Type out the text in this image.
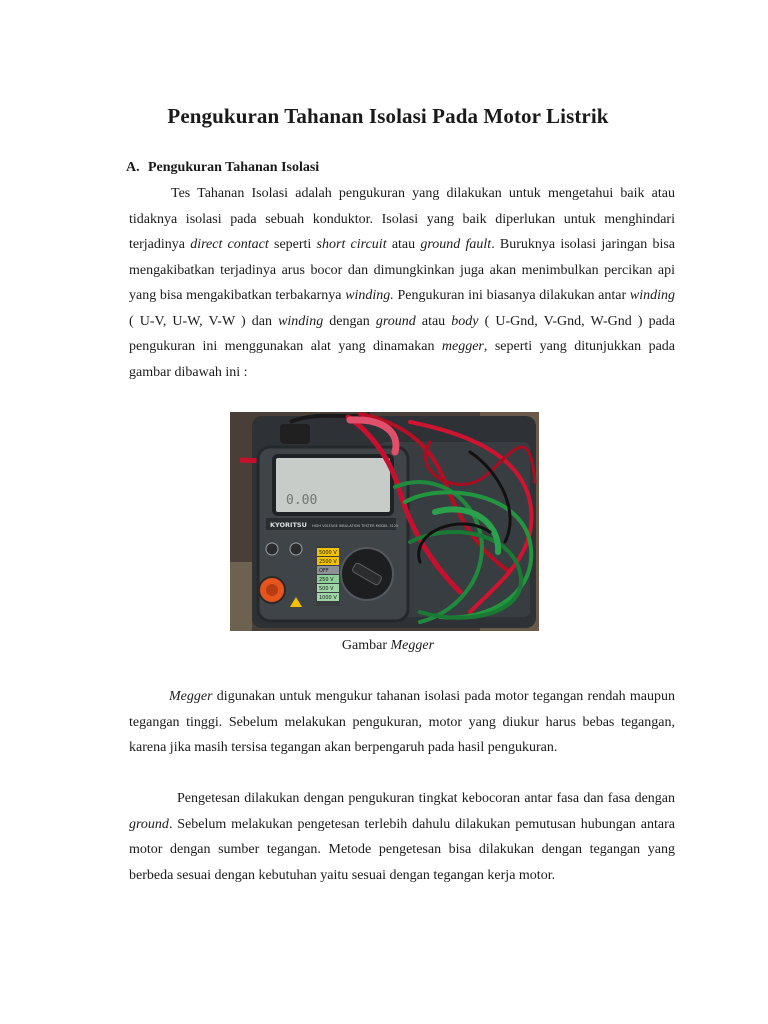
Pengukuran Tahanan Isolasi Pada Motor Listrik
A. Pengukuran Tahanan Isolasi

Tes Tahanan Isolasi adalah pengukuran yang dilakukan untuk mengetahui baik atau tidaknya isolasi pada sebuah konduktor. Isolasi yang baik diperlukan untuk menghindari terjadinya direct contact seperti short circuit atau ground fault. Buruknya isolasi jaringan bisa mengakibatkan terjadinya arus bocor dan dimungkinkan juga akan menimbulkan percikan api yang bisa mengakibatkan terbakarnya winding. Pengukuran ini biasanya dilakukan antar winding ( U-V, U-W, V-W ) dan winding dengan ground atau body ( U-Gnd, V-Gnd, W-Gnd ) pada pengukuran ini menggunakan alat yang dinamakan megger, seperti yang ditunjukkan pada gambar dibawah ini :

0.00
KYORITSU HIGH VOLTAGE INSULATION TESTER MODEL 3125
5000 V
2500 V
OFF
250 V
500 V
1000 V

Gambar Megger

Megger digunakan untuk mengukur tahanan isolasi pada motor tegangan rendah maupun tegangan tinggi. Sebelum melakukan pengukuran, motor yang diukur harus bebas tegangan, karena jika masih tersisa tegangan akan berpengaruh pada hasil pengukuran.

Pengetesan dilakukan dengan pengukuran tingkat kebocoran antar fasa dan fasa dengan ground. Sebelum melakukan pengetesan terlebih dahulu dilakukan pemutusan hubungan antara motor dengan sumber tegangan. Metode pengetesan bisa dilakukan dengan tegangan yang berbeda sesuai dengan kebutuhan yaitu sesuai dengan tegangan kerja motor.
